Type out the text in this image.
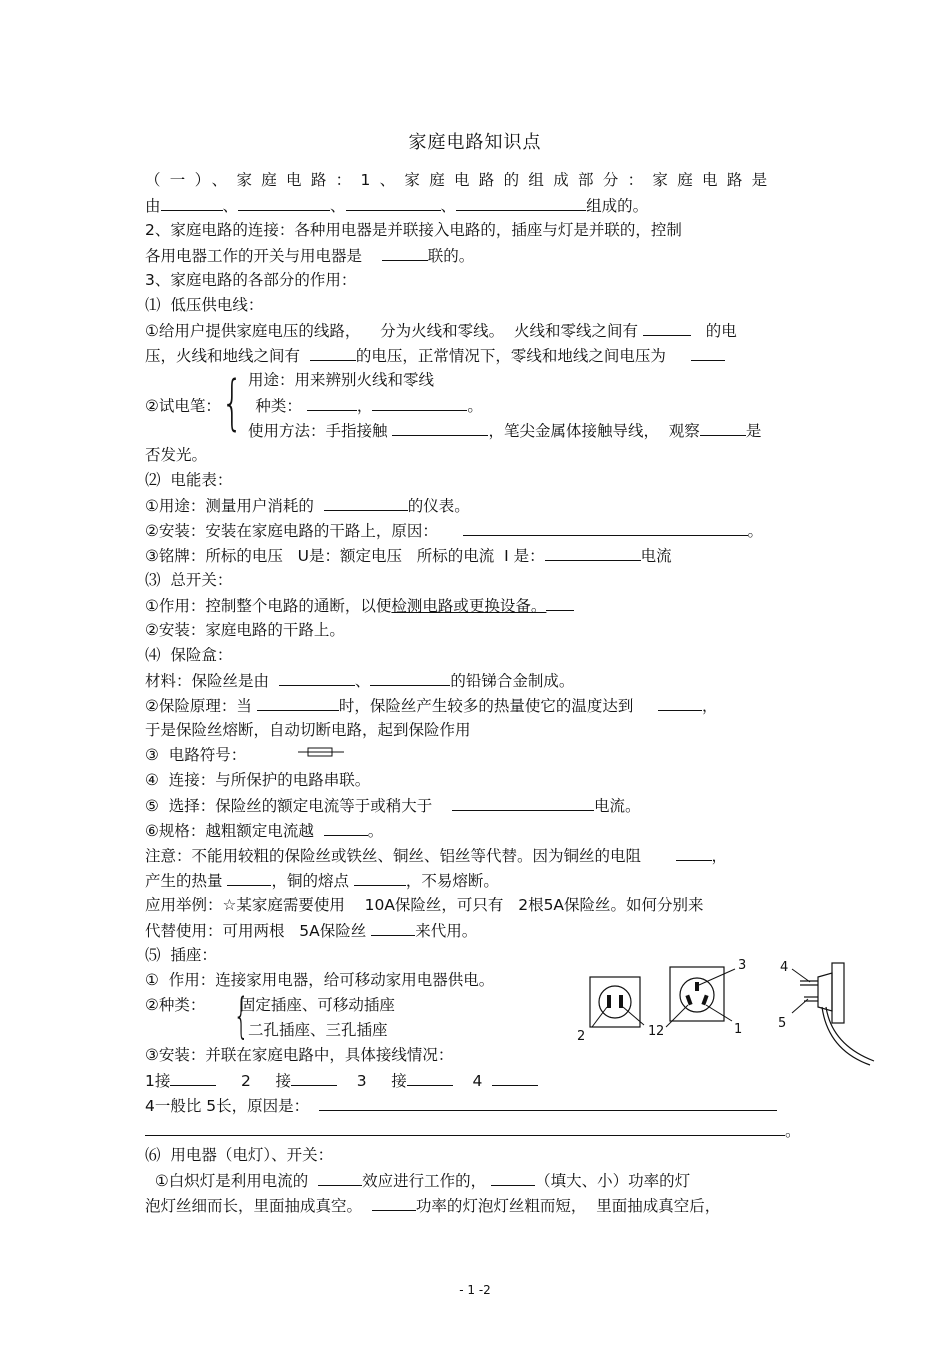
家庭电路知识点
（一）、家庭电路：1、家庭电路的组成部分：家庭电路是
由	、	、	、	组成的。
2、家庭电路的连接：各种用电器是并联接入电路的，插座与灯是并联的，控制
各用电器工作的开关与用电器是	联的。
3、家庭电路的各部分的作用：
⑴  低压供电线：
①给用户提供家庭电压的线路，    分为火线和零线。  火线和零线之间有	的电
压，火线和地线之间有	的电压，正常情况下，零线和地线之间电压为
{ 用途：用来辨别火线和零线
②试电笔： 种类：	，	。
使用方法：手指接触	，笔尖金属体接触导线，  观察	是
否发光。
⑵  电能表：
①用途：测量用户消耗的	的仪表。
②安装：安装在家庭电路的干路上，原因：	。
③铭牌：所标的电压   U是：额定电压   所标的电流  I 是：	电流
⑶  总开关：
①作用：控制整个电路的通断，以便检测电路或更换设备。
②安装：家庭电路的干路上。
⑷  保险盒：
材料：保险丝是由	、	的铅锑合金制成。
②保险原理：当	时，保险丝产生较多的热量使它的温度达到	，
于是保险丝熔断，自动切断电路，起到保险作用
③  电路符号：
④  连接：与所保护的电路串联。
⑤  选择：保险丝的额定电流等于或稍大于	电流。
⑥规格：越粗额定电流越	。
注意：不能用较粗的保险丝或铁丝、铜丝、铝丝等代替。因为铜丝的电阻	，
产生的热量	，铜的熔点	，不易熔断。
应用举例：☆某家庭需要使用    10A保险丝，可只有   2根5A保险丝。如何分别来
代替使用：可用两根   5A保险丝	来代用。
⑸  插座：
①  作用：连接家用电器，给可移动家用电器供电。
{
②种类： 固定插座、可移动插座
二孔插座、三孔插座
③安装：并联在家庭电路中，具体接线情况：
1接	2 接	3 接	4
4一般比 5长，原因是：
。
⑹  用电器（电灯）、开关：
①白炽灯是利用电流的	效应进行工作的，	（填大、小）功率的灯
泡灯丝细而长，里面抽成真空。	功率的灯泡灯丝粗而短，  里面抽成真空后，
2	1
3
2	1
4
5
- 1 -2
